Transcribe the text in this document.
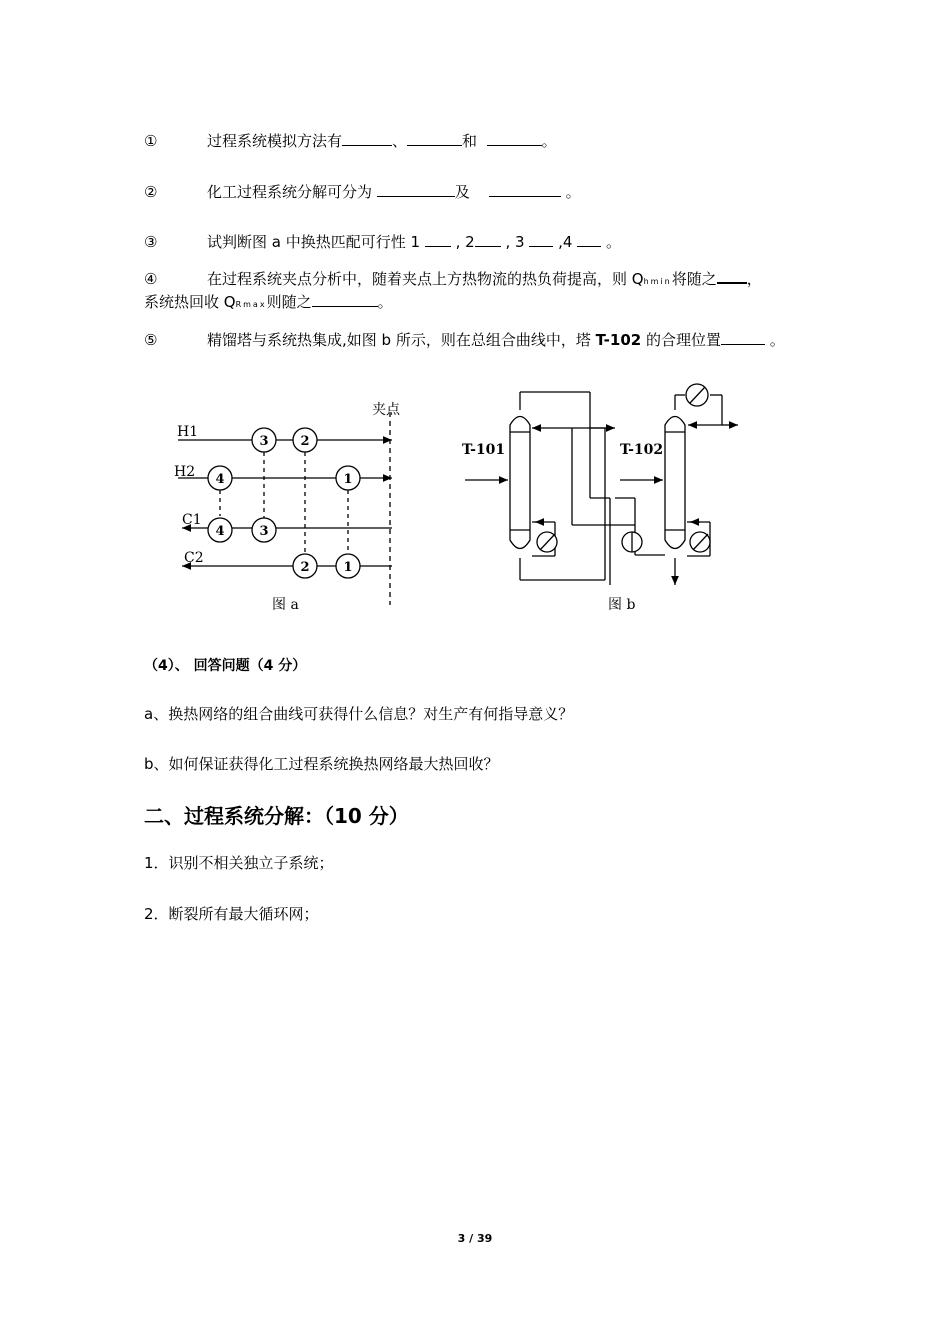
①	过程系统模拟方法有	、	和	。
②	化工过程系统分解可分为	及	。
③	试判断图 a 中换热匹配可行性 1 , 2 , 3 ,4 。
④	在过程系统夹点分析中，随着夹点上方热物流的热负荷提高，则 Qhmin将随之 ，
系统热回收 QRmax则随之	。
⑤	精馏塔与系统热集成,如图 b 所示，则在总组合曲线中，塔 T-102 的合理位置	。
3 2
4	1
4	3
2	1
H1
H2
C1
C2
夹点
图 a
T-101	T-102
图 b
（4）、 回答问题（4 分）
a、换热网络的组合曲线可获得什么信息？对生产有何指导意义？
b、如何保证获得化工过程系统换热网络最大热回收？
二、过程系统分解：（10 分）
1．识别不相关独立子系统；
2．断裂所有最大循环网；
3 / 39
